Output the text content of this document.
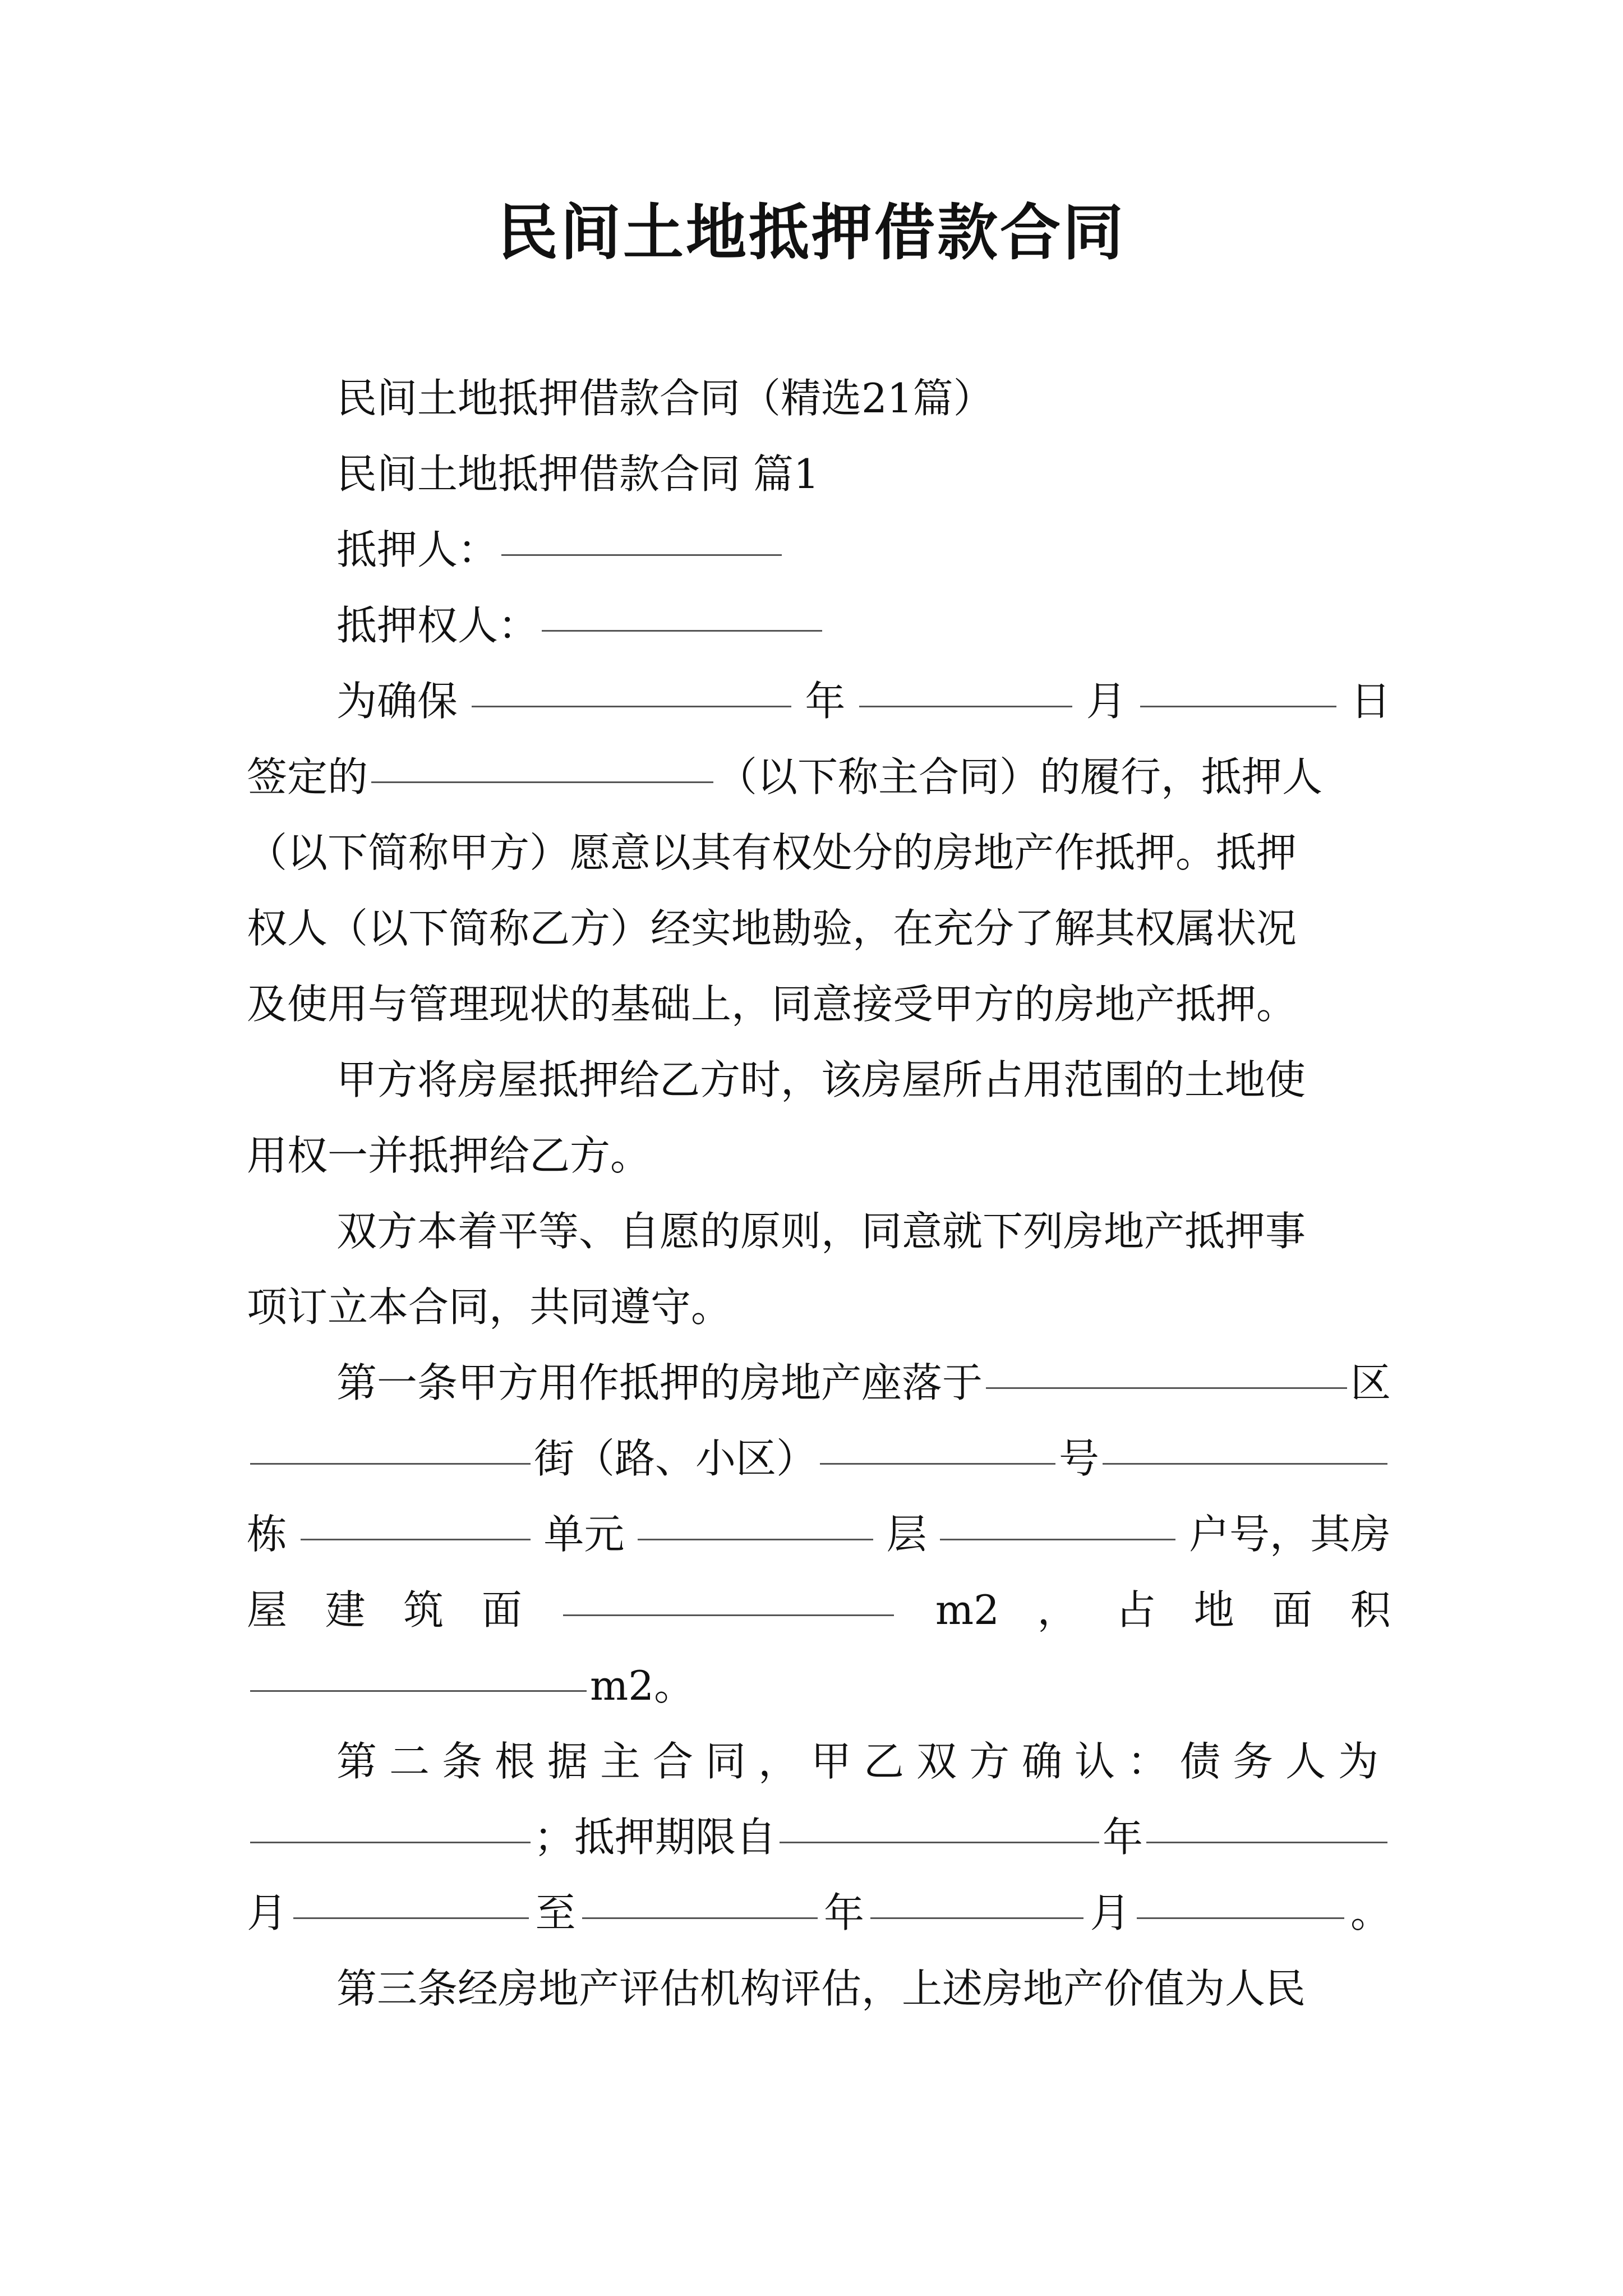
民间土地抵押借款合同
民间土地抵押借款合同（精选21篇）
民间土地抵押借款合同 篇1
抵押人：
抵押权人：
为确保	年	月	日
签定的	（以下称主合同）的履行，抵押人
（以下简称甲方）愿意以其有权处分的房地产作抵押。抵押
权人（以下简称乙方）经实地勘验，在充分了解其权属状况
及使用与管理现状的基础上，同意接受甲方的房地产抵押。
甲方将房屋抵押给乙方时，该房屋所占用范围的土地使
用权一并抵押给乙方。
双方本着平等、自愿的原则，同意就下列房地产抵押事
项订立本合同，共同遵守。
第一条甲方用作抵押的房地产座落于	区
街（路、小区）	号
栋	单元	层	户号，其房
屋 建 筑 面	m2 ， 占 地 面 积
m2。
第二条根据主合同，甲乙双方确认：债务人为
；抵押期限自	年
月	至	年	月	。
第三条经房地产评估机构评估，上述房地产价值为人民
